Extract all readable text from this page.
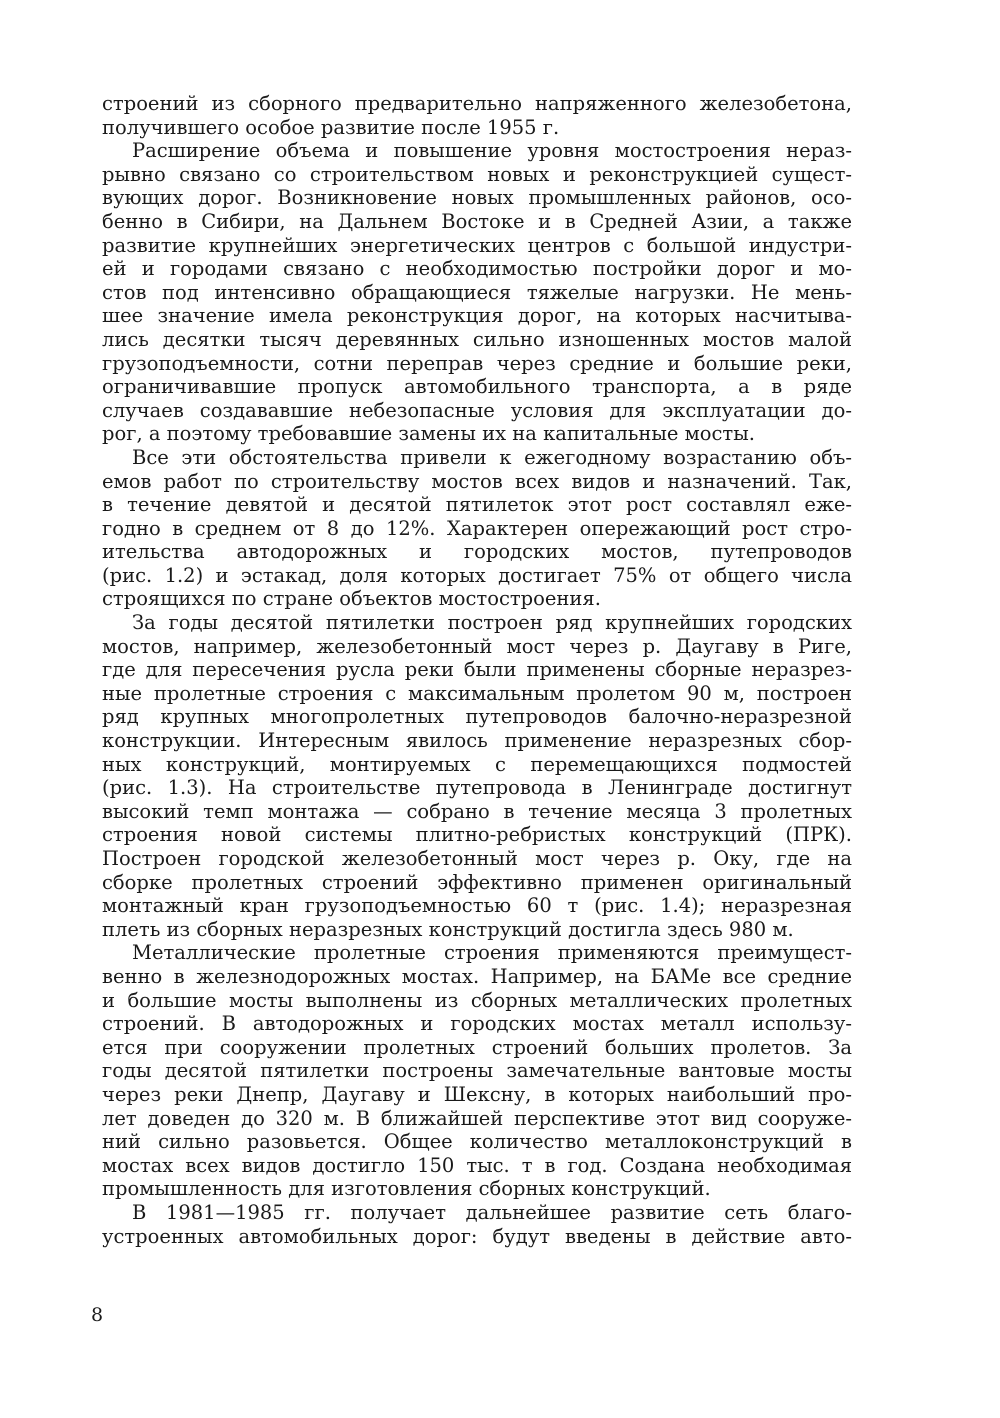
строений из сборного предварительно напряженного железобетона,
получившего особое развитие после 1955 г.
Расширение объема и повышение уровня мостостроения нераз-
рывно связано со строительством новых и реконструкцией сущест-
вующих дорог. Возникновение новых промышленных районов, осо-
бенно в Сибири, на Дальнем Востоке и в Средней Азии, а также
развитие крупнейших энергетических центров с большой индустри-
ей и городами связано с необходимостью постройки дорог и мо-
стов под интенсивно обращающиеся тяжелые нагрузки. Не мень-
шее значение имела реконструкция дорог, на которых насчитыва-
лись десятки тысяч деревянных сильно изношенных мостов малой
грузоподъемности, сотни переправ через средние и большие реки,
ограничивавшие пропуск автомобильного транспорта, а в ряде
случаев создававшие небезопасные условия для эксплуатации до-
рог, а поэтому требовавшие замены их на капитальные мосты.
Все эти обстоятельства привели к ежегодному возрастанию объ-
емов работ по строительству мостов всех видов и назначений. Так,
в течение девятой и десятой пятилеток этот рост составлял еже-
годно в среднем от 8 до 12%. Характерен опережающий рост стро-
ительства автодорожных и городских мостов, путепроводов
(рис. 1.2) и эстакад, доля которых достигает 75% от общего числа
строящихся по стране объектов мостостроения.
За годы десятой пятилетки построен ряд крупнейших городских
мостов, например, железобетонный мост через р. Даугаву в Риге,
где для пересечения русла реки были применены сборные неразрез-
ные пролетные строения с максимальным пролетом 90 м, построен
ряд крупных многопролетных путепроводов балочно-неразрезной
конструкции. Интересным явилось применение неразрезных сбор-
ных конструкций, монтируемых с перемещающихся подмостей
(рис. 1.3). На строительстве путепровода в Ленинграде достигнут
высокий темп монтажа — собрано в течение месяца 3 пролетных
строения новой системы плитно-ребристых конструкций (ПРК).
Построен городской железобетонный мост через р. Оку, где на
сборке пролетных строений эффективно применен оригинальный
монтажный кран грузоподъемностью 60 т (рис. 1.4); неразрезная
плеть из сборных неразрезных конструкций достигла здесь 980 м.
Металлические пролетные строения применяются преимущест-
венно в железнодорожных мостах. Например, на БАМе все средние
и большие мосты выполнены из сборных металлических пролетных
строений. В автодорожных и городских мостах металл использу-
ется при сооружении пролетных строений больших пролетов. За
годы десятой пятилетки построены замечательные вантовые мосты
через реки Днепр, Даугаву и Шексну, в которых наибольший про-
лет доведен до 320 м. В ближайшей перспективе этот вид сооруже-
ний сильно разовьется. Общее количество металлоконструкций в
мостах всех видов достигло 150 тыс. т в год. Создана необходимая
промышленность для изготовления сборных конструкций.
В 1981—1985 гг. получает дальнейшее развитие сеть благо-
устроенных автомобильных дорог: будут введены в действие авто-
8
